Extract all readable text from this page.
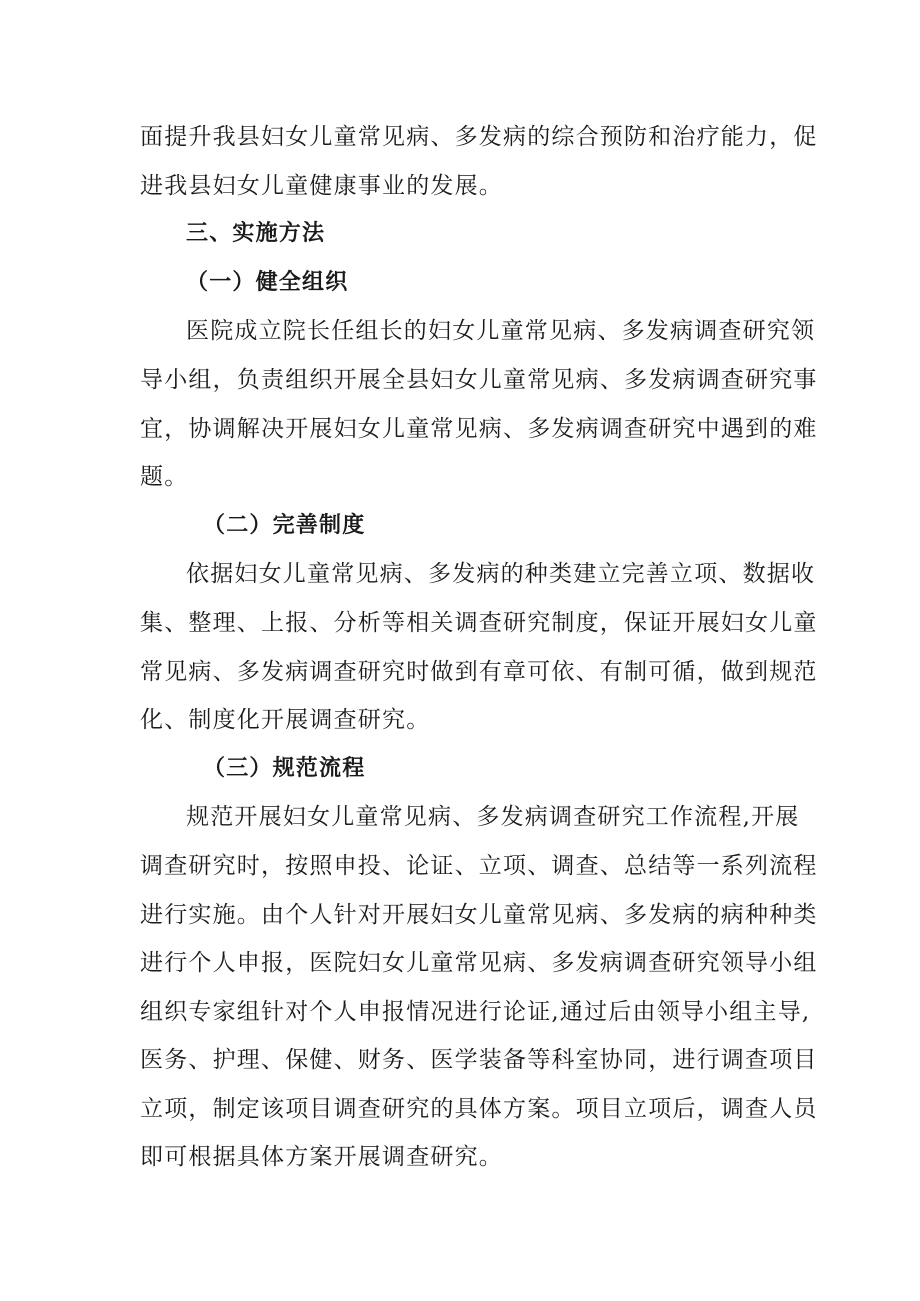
面提升我县妇女儿童常见病、多发病的综合预防和治疗能力，促
进我县妇女儿童健康事业的发展。
三、实施方法
（一）健全组织
医院成立院长任组长的妇女儿童常见病、多发病调查研究领
导小组，负责组织开展全县妇女儿童常见病、多发病调查研究事
宜，协调解决开展妇女儿童常见病、多发病调查研究中遇到的难
题。
（二）完善制度
依据妇女儿童常见病、多发病的种类建立完善立项、数据收
集、整理、上报、分析等相关调查研究制度，保证开展妇女儿童
常见病、多发病调查研究时做到有章可依、有制可循，做到规范
化、制度化开展调查研究。
（三）规范流程
规范开展妇女儿童常见病、多发病调查研究工作流程,开展
调查研究时，按照申投、论证、立项、调查、总结等一系列流程
进行实施。由个人针对开展妇女儿童常见病、多发病的病种种类
进行个人申报，医院妇女儿童常见病、多发病调查研究领导小组
组织专家组针对个人申报情况进行论证,通过后由领导小组主导,
医务、护理、保健、财务、医学装备等科室协同，进行调查项目
立项，制定该项目调查研究的具体方案。项目立项后，调查人员
即可根据具体方案开展调查研究。
